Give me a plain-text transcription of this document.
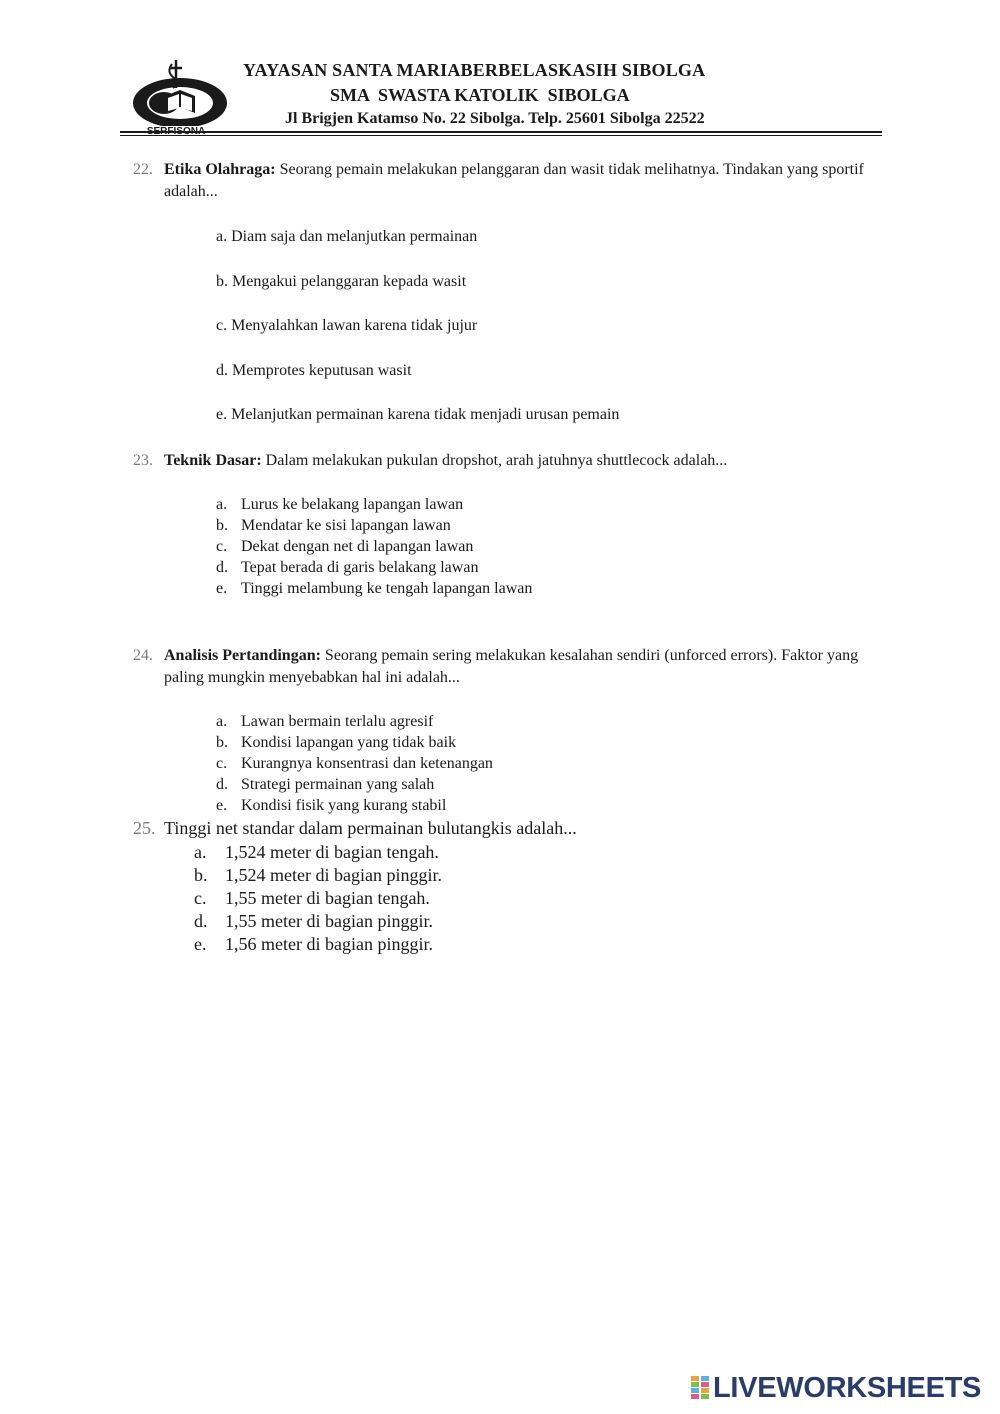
SERFISONA
YAYASAN SANTA MARIABERBELASKASIH SIBOLGA
SMA  SWASTA KATOLIK  SIBOLGA
Jl Brigjen Katamso No. 22 Sibolga. Telp. 25601 Sibolga 22522
22. Etika Olahraga: Seorang pemain melakukan pelanggaran dan wasit tidak melihatnya. Tindakan yang sportif adalah...
a. Diam saja dan melanjutkan permainan
b. Mengakui pelanggaran kepada wasit
c. Menyalahkan lawan karena tidak jujur
d. Memprotes keputusan wasit
e. Melanjutkan permainan karena tidak menjadi urusan pemain
23. Teknik Dasar: Dalam melakukan pukulan dropshot, arah jatuhnya shuttlecock adalah...
a. Lurus ke belakang lapangan lawan
b. Mendatar ke sisi lapangan lawan
c. Dekat dengan net di lapangan lawan
d. Tepat berada di garis belakang lawan
e. Tinggi melambung ke tengah lapangan lawan
24. Analisis Pertandingan: Seorang pemain sering melakukan kesalahan sendiri (unforced errors). Faktor yang paling mungkin menyebabkan hal ini adalah...
a. Lawan bermain terlalu agresif
b. Kondisi lapangan yang tidak baik
c. Kurangnya konsentrasi dan ketenangan
d. Strategi permainan yang salah
e. Kondisi fisik yang kurang stabil
25. Tinggi net standar dalam permainan bulutangkis adalah...
a. 1,524 meter di bagian tengah.
b. 1,524 meter di bagian pinggir.
c. 1,55 meter di bagian tengah.
d. 1,55 meter di bagian pinggir.
e. 1,56 meter di bagian pinggir.
LIVEWORKSHEETS
